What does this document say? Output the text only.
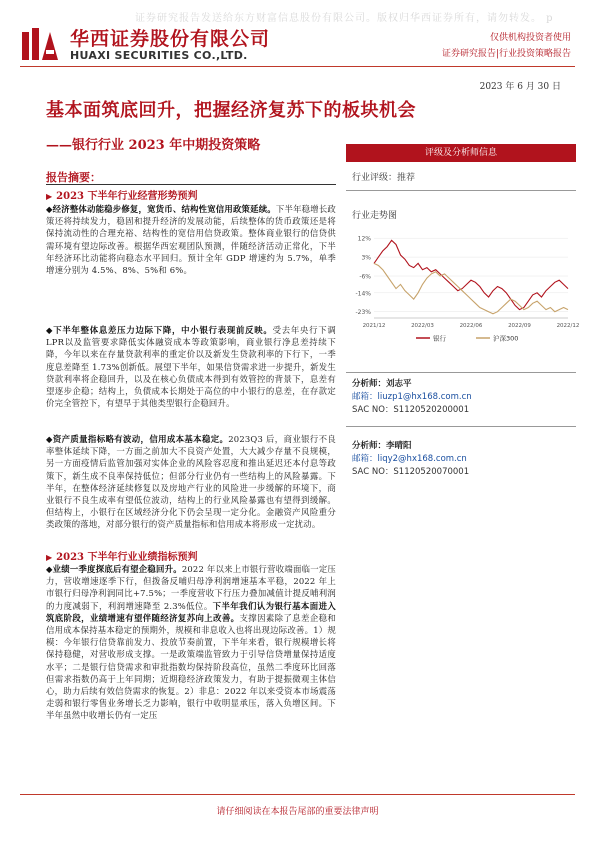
证券研究报告发送给东方财富信息股份有限公司。版权归华西证券所有，请勿转发。 p
华西证券股份有限公司
HUAXI SECURITIES CO.,LTD.
仅供机构投资者使用
证券研究报告|行业投资策略报告
2023 年 6 月 30 日
基本面筑底回升，把握经济复苏下的板块机会
——银行行业 2023 年中期投资策略	评级及分析师信息
行业评级：推荐
行业走势图
12%
3%
-6%
-14%
-23%
2021/12	2022/03	2022/06	2022/09	2022/12
银行	沪深300
分析师：刘志平
邮箱：liuzp1@hx168.com.cn
SAC NO：S1120520200001
分析师：李晴阳
邮箱：liqy2@hx168.com.cn
SAC NO：S1120520070001
报告摘要：
▶ 2023 下半年行业经营形势预判
◆经济整体动能稳步修复，宽货币、结构性宽信用政策延续。下半年稳增长政策还将持续发力，稳固和提升经济的发展动能，后续整体的货币政策还是将保持流动性的合理充裕、结构性的宽信用信贷政策。整体商业银行的信贷供需环境有望边际改善。根据华西宏观团队预测，伴随经济活动正常化，下半年经济环比动能将向稳态水平回归。预计全年 GDP 增速约为 5.7%，单季增速分别为 4.5%、8%、5%和 6%。
◆下半年整体息差压力边际下降，中小银行表现前反映。受去年央行下调LPR以及监管要求降低实体融资成本等政策影响，商业银行净息差持续下降，今年以来在存量贷款利率的重定价以及新发生贷款利率的下行下，一季度息差降至 1.73%创新低。展望下半年，如果信贷需求进一步提升，新发生贷款利率将企稳回升，以及在核心负债成本得到有效管控的背景下，息差有望逐步企稳；结构上，负债成本长期处于高位的中小银行的息差，在存款定价完全管控下，有望早于其他类型银行企稳回升。
◆资产质量指标略有波动，信用成本基本稳定。2023Q3 后，商业银行不良率整体延续下降，一方面之前加大不良资产处置，大大减少存量不良规模，另一方面疫情后监管加强对实体企业的风险容忍度和推出延迟还本付息等政策下，新生成不良率保持低位；但部分行业仍有一些结构上的风险暴露。下半年，在整体经济延续修复以及房地产行业的风险进一步缓解的环境下，商业银行不良生成率有望低位波动，结构上的行业风险暴露也有望得到缓解。但结构上，小银行在区域经济分化下仍会呈现一定分化。金融资产风险重分类政策的落地，对部分银行的资产质量指标和信用成本将形成一定扰动。
▶ 2023 下半年行业业绩指标预判
◆业绩一季度探底后有望企稳回升。2022 年以来上市银行营收端面临一定压力，营收增速逐季下行，但拨备反哺归母净利润增速基本平稳，2022 年上市银行归母净利润同比+7.5%；一季度营收下行压力叠加减值计提反哺利润的力度减弱下，利润增速降至 2.3%低位。下半年我们认为银行基本面进入筑底阶段，业绩增速有望伴随经济复苏向上改善。支撑因素除了息差企稳和信用成本保持基本稳定的预期外，规模和非息收入也将出现边际改善。1）规模：今年银行信贷靠前发力、投放节奏前置，下半年来看，银行规模增长将保持稳健，对营收形成支撑。一是政策端监管致力于引导信贷增量保持适度水平；二是银行信贷需求和审批指数均保持阶段高位，虽然二季度环比回落但需求指数仍高于上年同期；近期稳经济政策发力，有助于提振微观主体信心，助力后续有效信贷需求的恢复。2）非息：2022 年以来受资本市场震荡走弱和银行零售业务增长乏力影响，银行中收明显承压，落入负增区间。下半年虽然中收增长仍有一定压
请仔细阅读在本报告尾部的重要法律声明
